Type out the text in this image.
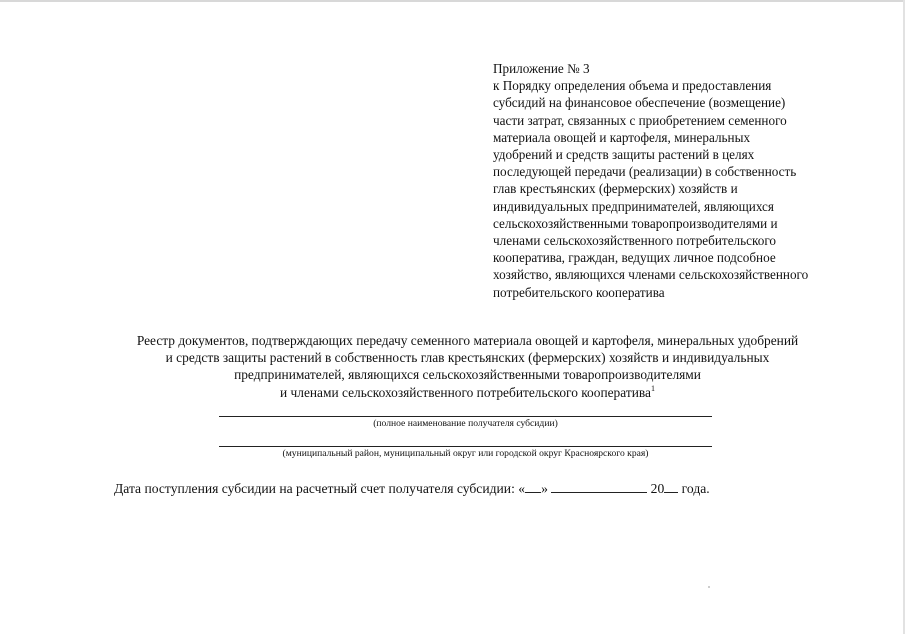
Приложение № 3
к Порядку определения объема и предоставления
субсидий на финансовое обеспечение (возмещение)
части затрат, связанных с приобретением семенного
материала овощей и картофеля, минеральных
удобрений и средств защиты растений в целях
последующей передачи (реализации) в собственность
глав крестьянских (фермерских) хозяйств и
индивидуальных предпринимателей, являющихся
сельскохозяйственными товаропроизводителями и
членами сельскохозяйственного потребительского
кооператива, граждан, ведущих личное подсобное
хозяйство, являющихся членами сельскохозяйственного
потребительского кооператива
Реестр документов, подтверждающих передачу семенного материала овощей и картофеля, минеральных удобрений
и средств защиты растений в собственность глав крестьянских (фермерских) хозяйств и индивидуальных
предпринимателей, являющихся сельскохозяйственными товаропроизводителями
и членами сельскохозяйственного потребительского кооператива$^1$
(полное наименование получателя субсидии)
(муниципальный район, муниципальный округ или городской округ Красноярского края)
Дата поступления субсидии на расчетный счет получателя субсидии: « »	20 года.
